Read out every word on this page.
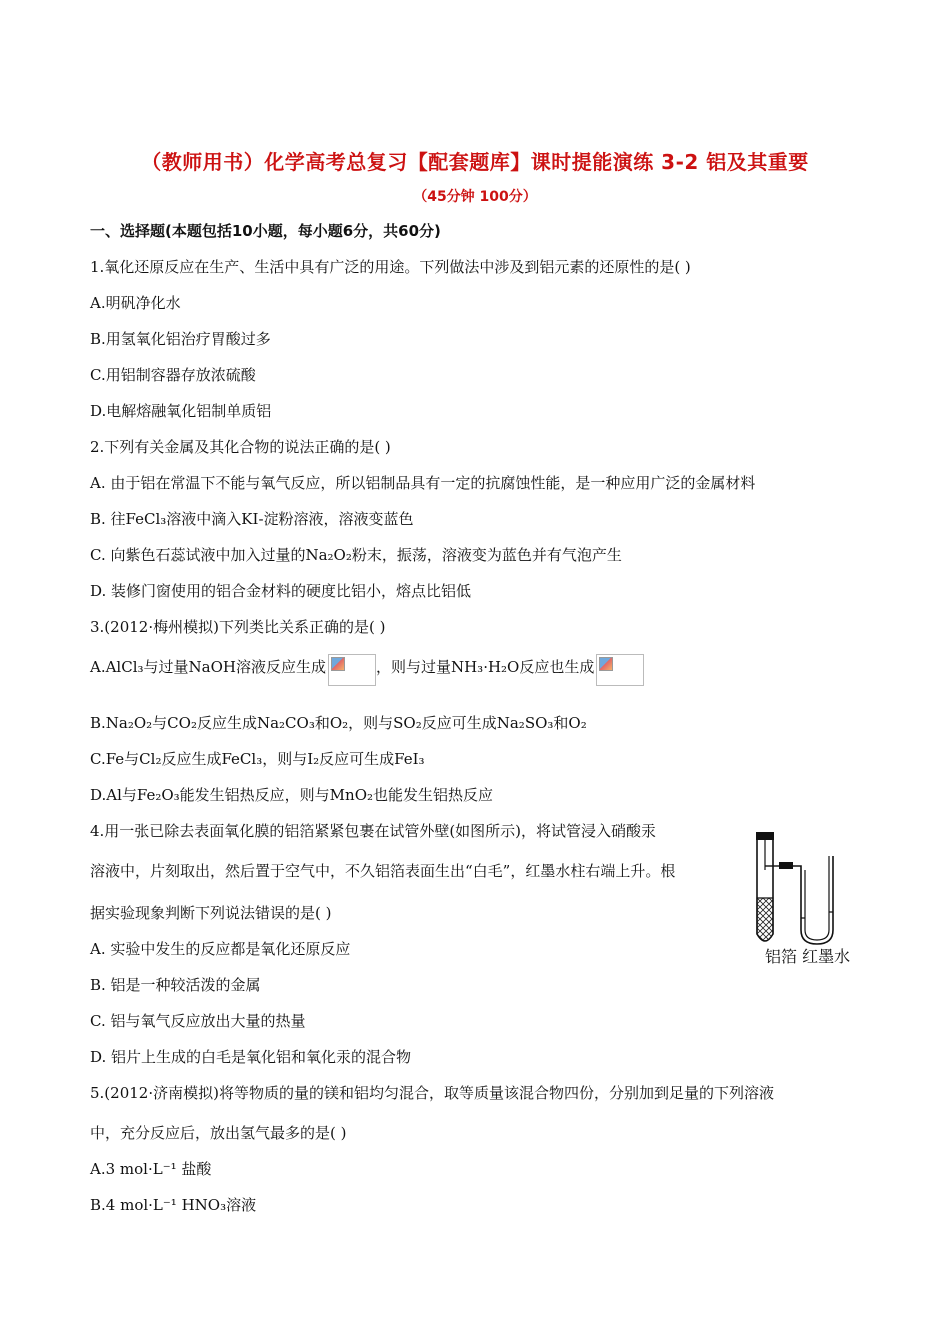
（教师用书）化学高考总复习【配套题库】课时提能演练 3-2 铝及其重要
（45分钟 100分）
一、选择题(本题包括10小题，每小题6分，共60分)
1.氧化还原反应在生产、生活中具有广泛的用途。下列做法中涉及到铝元素的还原性的是( )
A.明矾净化水
B.用氢氧化铝治疗胃酸过多
C.用铝制容器存放浓硫酸
D.电解熔融氧化铝制单质铝
2.下列有关金属及其化合物的说法正确的是( )
A. 由于铝在常温下不能与氧气反应，所以铝制品具有一定的抗腐蚀性能，是一种应用广泛的金属材料
B. 往FeCl₃溶液中滴入KI-淀粉溶液，溶液变蓝色
C. 向紫色石蕊试液中加入过量的Na₂O₂粉末，振荡，溶液变为蓝色并有气泡产生
D. 装修门窗使用的铝合金材料的硬度比铝小，熔点比铝低
3.(2012·梅州模拟)下列类比关系正确的是( )
A.AlCl₃与过量NaOH溶液反应生成	，则与过量NH₃·H₂O反应也生成
B.Na₂O₂与CO₂反应生成Na₂CO₃和O₂，则与SO₂反应可生成Na₂SO₃和O₂
C.Fe与Cl₂反应生成FeCl₃，则与I₂反应可生成FeI₃
D.Al与Fe₂O₃能发生铝热反应，则与MnO₂也能发生铝热反应
4.用一张已除去表面氧化膜的铝箔紧紧包裹在试管外壁(如图所示)，将试管浸入硝酸汞
溶液中，片刻取出，然后置于空气中，不久铝箔表面生出“白毛”，红墨水柱右端上升。根
据实验现象判断下列说法错误的是( )
A. 实验中发生的反应都是氧化还原反应
B. 铝是一种较活泼的金属
C. 铝与氧气反应放出大量的热量
D. 铝片上生成的白毛是氧化铝和氧化汞的混合物
铝箔 红墨水
5.(2012·济南模拟)将等物质的量的镁和铝均匀混合，取等质量该混合物四份，分别加到足量的下列溶液
中，充分反应后，放出氢气最多的是( )
A.3 mol·L⁻¹ 盐酸
B.4 mol·L⁻¹ HNO₃溶液
